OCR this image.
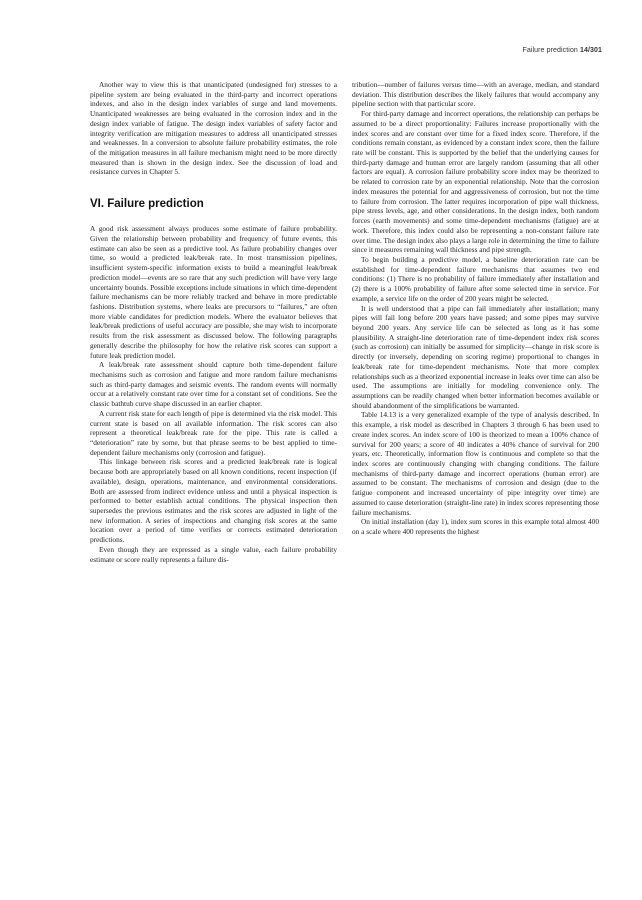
Failure prediction 14/301

Another way to view this is that unanticipated (undesigned for) stresses to a pipeline system are being evaluated in the third-party and incorrect operations indexes, and also in the design index variables of surge and land movements. Unanticipated weaknesses are being evaluated in the corrosion index and in the design index variable of fatigue. The design index variables of safety factor and integrity verification are mitigation measures to address all unanticipated stresses and weaknesses. In a conversion to absolute failure probability estimates, the role of the mitigation measures in all failure mechanism might need to be more directly measured than is shown in the design index. See the discussion of load and resistance curves in Chapter 5.

VI. Failure prediction

A good risk assessment always produces some estimate of failure probability. Given the relationship between probability and frequency of future events, this estimate can also be seen as a predictive tool. As failure probability changes over time, so would a predicted leak/break rate. In most transmission pipelines, insufficient system-specific information exists to build a meaningful leak/break prediction model—events are so rare that any such prediction will have very large uncertainty bounds. Possible exceptions include situations in which time-dependent failure mechanisms can be more reliably tracked and behave in more predictable fashions. Distribution systems, where leaks are precursors to “failures,” are often more viable candidates for prediction models. Where the evaluator believes that leak/break predictions of useful accuracy are possible, she may wish to incorporate results from the risk assessment as discussed below. The following paragraphs generally describe the philosophy for how the relative risk scores can support a future leak prediction model.

A leak/break rate assessment should capture both time-dependent failure mechanisms such as corrosion and fatigue and more random failure mechanisms such as third-party damages and seismic events. The random events will normally occur at a relatively constant rate over time for a constant set of conditions. See the classic bathtub curve shape discussed in an earlier chapter.

A current risk state for each length of pipe is determined via the risk model. This current state is based on all available information. The risk scores can also represent a theoretical leak/break rate for the pipe. This rate is called a “deterioration” rate by some, but that phrase seems to be best applied to time-dependent failure mechanisms only (corrosion and fatigue).

This linkage between risk scores and a predicted leak/break rate is logical because both are appropriately based on all known conditions, recent inspection (if available), design, operations, maintenance, and environmental considerations. Both are assessed from indirect evidence unless and until a physical inspection is performed to better establish actual conditions. The physical inspection then supersedes the previous estimates and the risk scores are adjusted in light of the new information. A series of inspections and changing risk scores at the same location over a period of time verifies or corrects estimated deterioration predictions.

Even though they are expressed as a single value, each failure probability estimate or score really represents a failure dis-

tribution—number of failures versus time—with an average, median, and standard deviation. This distribution describes the likely failures that would accompany any pipeline section with that particular score.

For third-party damage and incorrect operations, the relationship can perhaps be assumed to be a direct proportionality: Failures increase proportionally with the index scores and are constant over time for a fixed index score. Therefore, if the conditions remain constant, as evidenced by a constant index score, then the failure rate will be constant. This is supported by the belief that the underlying causes for third-party damage and human error are largely random (assuming that all other factors are equal). A corrosion failure probability score index may be theorized to be related to corrosion rate by an exponential relationship. Note that the corrosion index measures the potential for and aggressiveness of corrosion, but not the time to failure from corrosion. The latter requires incorporation of pipe wall thickness, pipe stress levels, age, and other considerations. In the design index, both random forces (earth movements) and some time-dependent mechanisms (fatigue) are at work. Therefore, this index could also be representing a non-constant failure rate over time. The design index also plays a large role in determining the time to failure since it measures remaining wall thickness and pipe strength.

To begin building a predictive model, a baseline deterioration rate can be established for time-dependent failure mechanisms that assumes two end conditions: (1) There is no probability of failure immediately after installation and (2) there is a 100% probability of failure after some selected time in service. For example, a service life on the order of 200 years might be selected.

It is well understood that a pipe can fail immediately after installation; many pipes will fail long before 200 years have passed; and some pipes may survive beyond 200 years. Any service life can be selected as long as it has some plausibility. A straight-line deterioration rate of time-dependent index risk scores (such as corrosion) can initially be assumed for simplicity—change in risk score is directly (or inversely, depending on scoring regime) proportional to changes in leak/break rate for time-dependent mechanisms. Note that more complex relationships such as a theorized exponential increase in leaks over time can also be used. The assumptions are initially for modeling convenience only. The assumptions can be readily changed when better information becomes available or should abandonment of the simplifications be warranted.

Table 14.13 is a very generalized example of the type of analysis described. In this example, a risk model as described in Chapters 3 through 6 has been used to create index scores. An index score of 100 is theorized to mean a 100% chance of survival for 200 years; a score of 40 indicates a 40% chance of survival for 200 years, etc. Theoretically, information flow is continuous and complete so that the index scores are continuously changing with changing conditions. The failure mechanisms of third-party damage and incorrect operations (human error) are assumed to be constant. The mechanisms of corrosion and design (due to the fatigue component and increased uncertainty of pipe integrity over time) are assumed to cause deterioration (straight-line rate) in index scores representing those failure mechanisms.

On initial installation (day 1), index sum scores in this example total almost 400 on a scale where 400 represents the highest
